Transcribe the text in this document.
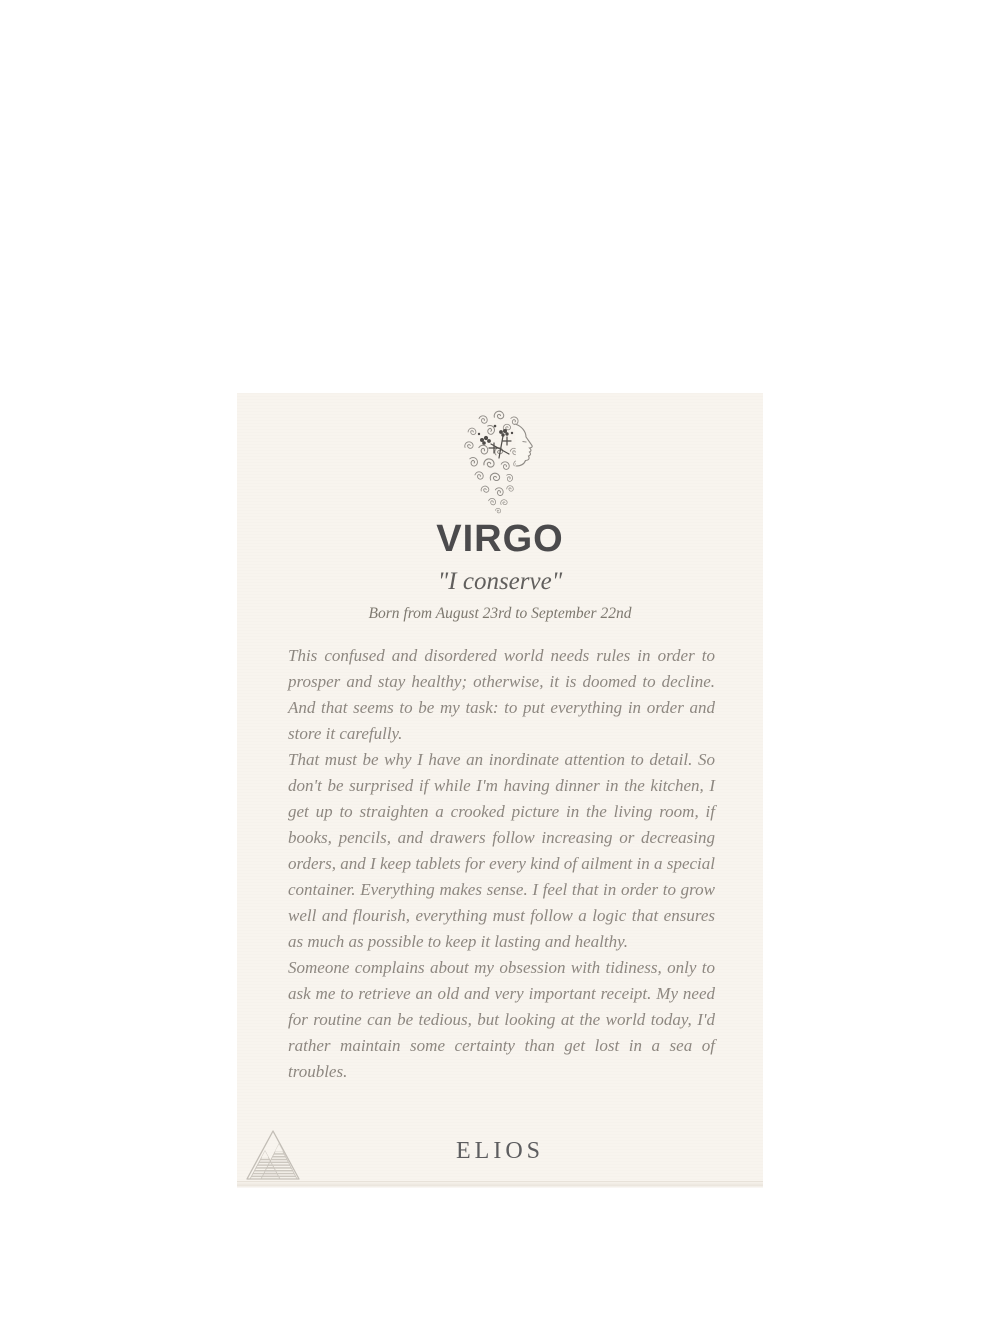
VIRGO
"I conserve"
Born from August 23rd to September 22nd

This confused and disordered world needs rules in order to prosper and stay healthy; otherwise, it is doomed to decline. And that seems to be my task: to put everything in order and store it carefully.

That must be why I have an inordinate attention to detail. So don't be surprised if while I'm having dinner in the kitchen, I get up to straighten a crooked picture in the living room, if books, pencils, and drawers follow increasing or decreasing orders, and I keep tablets for every kind of ailment in a special container. Everything makes sense. I feel that in order to grow well and flourish, everything must follow a logic that ensures as much as possible to keep it lasting and healthy.

Someone complains about my obsession with tidiness, only to ask me to retrieve an old and very important receipt. My need for routine can be tedious, but looking at the world today, I'd rather maintain some certainty than get lost in a sea of troubles.

ELIOS
